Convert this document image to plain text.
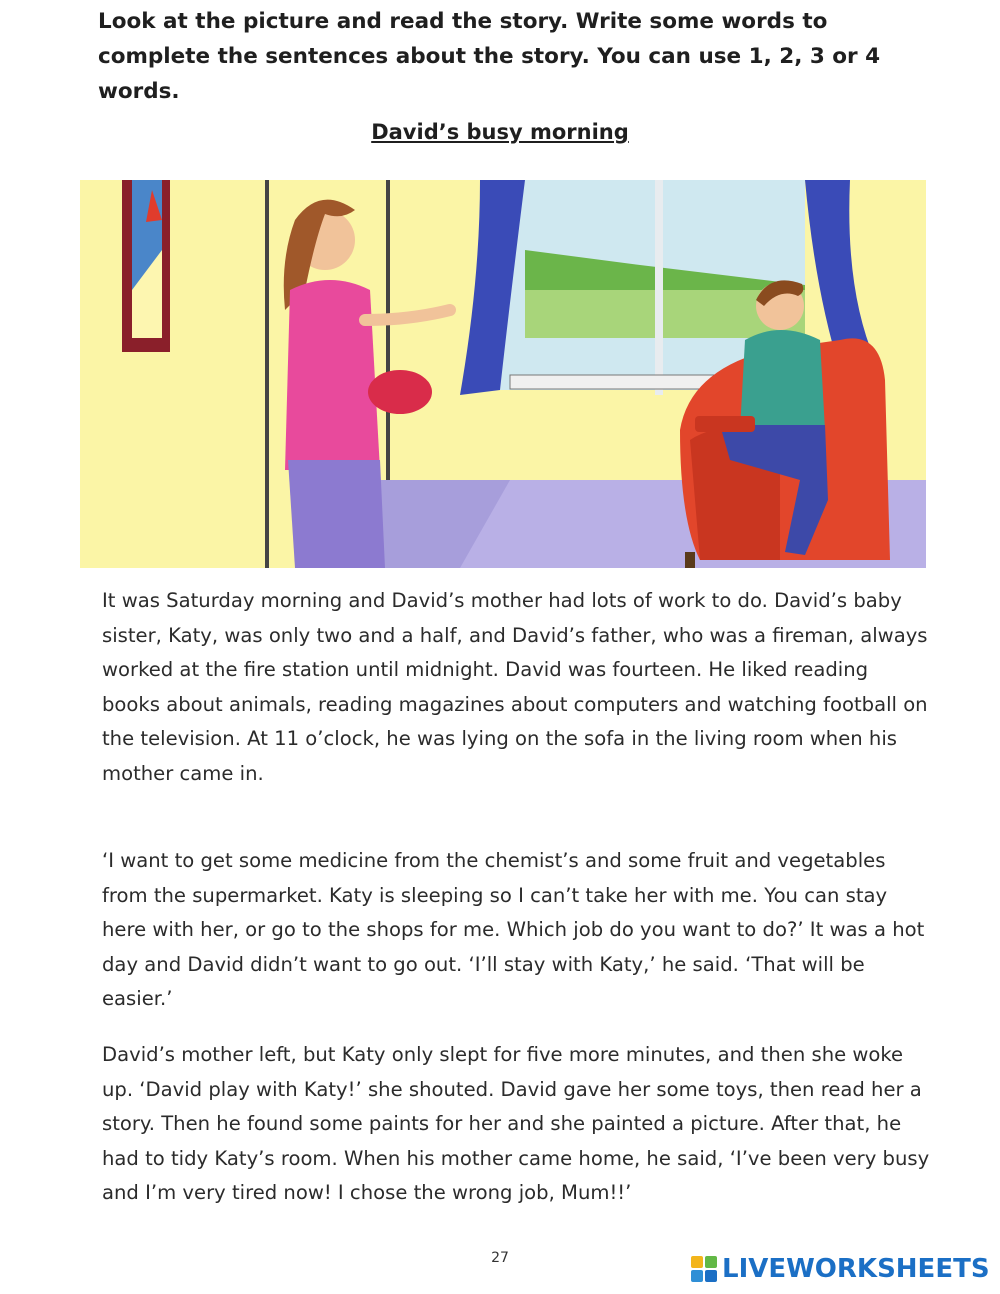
Look at the picture and read the story. Write some words to complete the sentences about the story. You can use 1, 2, 3 or 4 words.

David’s busy morning

It was Saturday morning and David’s mother had lots of work to do. David’s baby sister, Katy, was only two and a half, and David’s father, who was a fireman, always worked at the fire station until midnight. David was fourteen. He liked reading books about animals, reading magazines about computers and watching football on the television. At 11 o’clock, he was lying on the sofa in the living room when his mother came in.

‘I want to get some medicine from the chemist’s and some fruit and vegetables from the supermarket. Katy is sleeping so I can’t take her with me. You can stay here with her, or go to the shops for me. Which job do you want to do?’ It was a hot day and David didn’t want to go out. ‘I’ll stay with Katy,’ he said. ‘That will be easier.’

David’s mother left, but Katy only slept for five more minutes, and then she woke up. ‘David play with Katy!’ she shouted. David gave her some toys, then read her a story. Then he found some paints for her and she painted a picture. After that, he had to tidy Katy’s room. When his mother came home, he said, ‘I’ve been very busy and I’m very tired now! I chose the wrong job, Mum!!’

27	LIVEWORKSHEETS
